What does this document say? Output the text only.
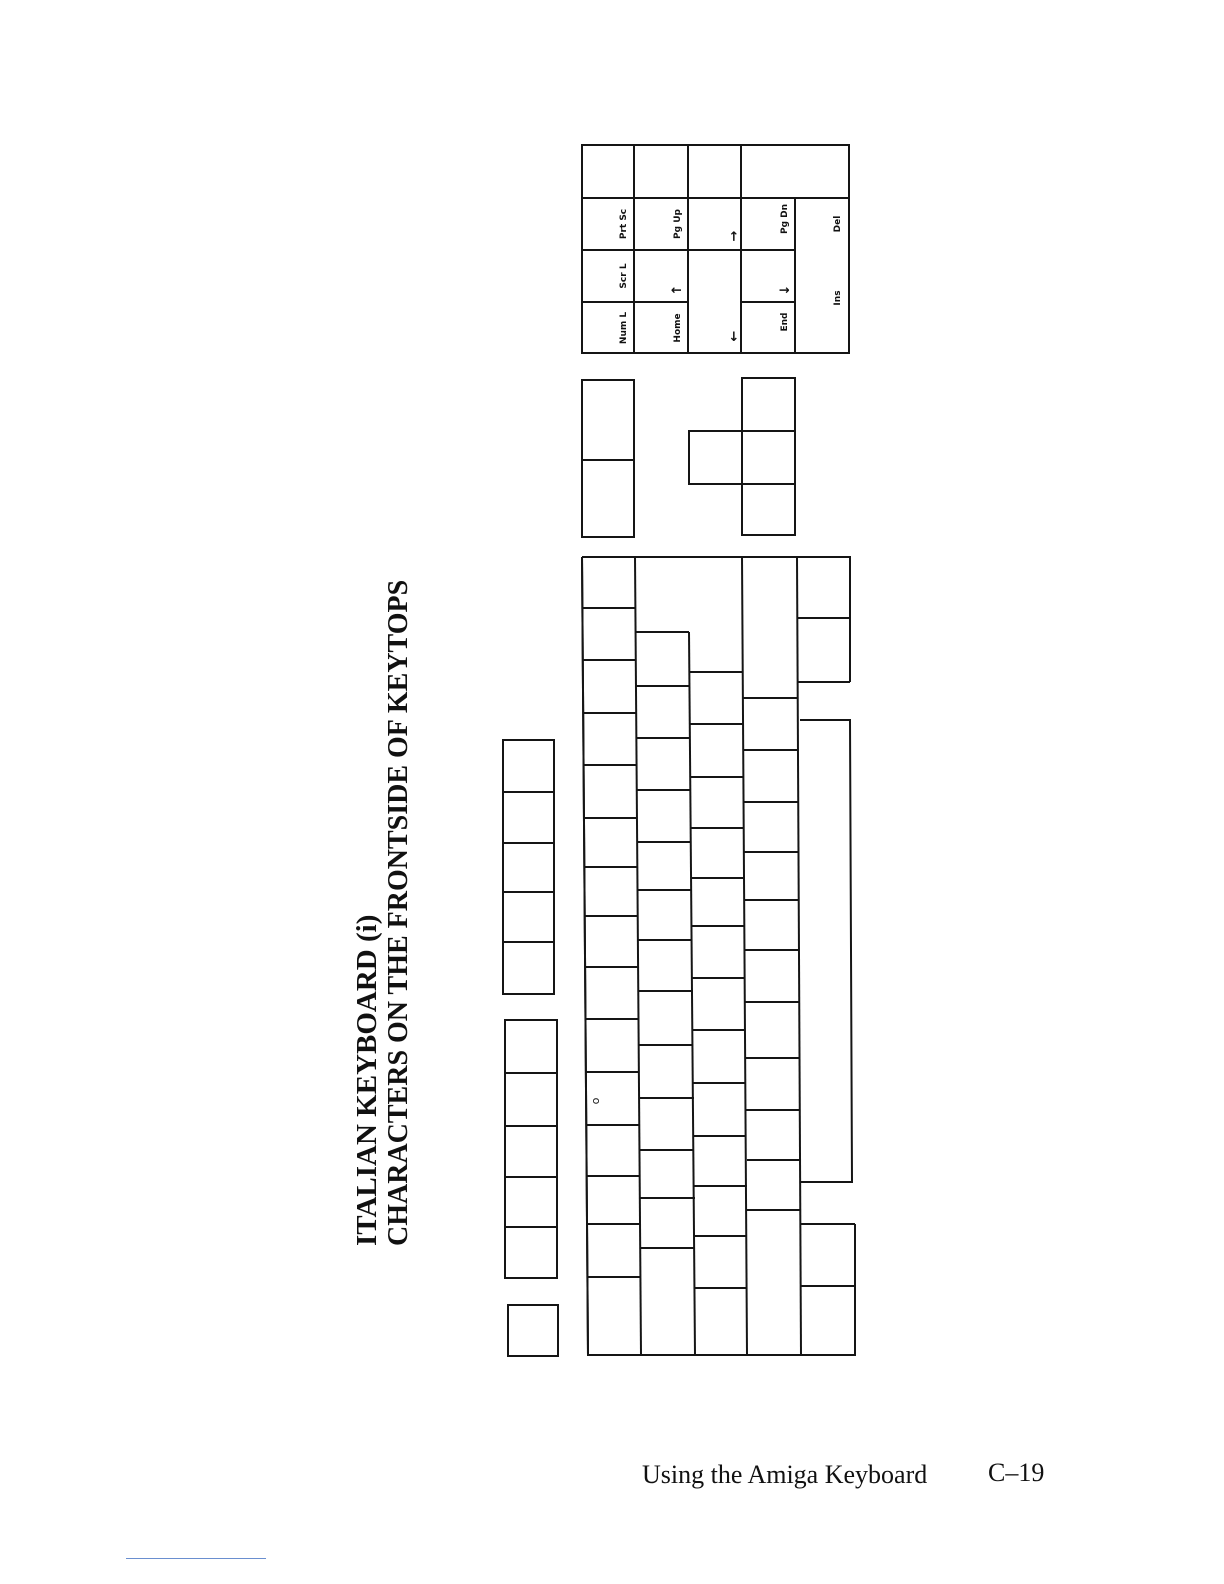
ITALIAN KEYBOARD (i) CHARACTERS ON THE FRONTSIDE OF KEYTOPS
Num L
Scr L
Prt Sc
Home
Pg Up
End
Pg Dn
Ins
Del
↑
←
→
↓
o
Using the Amiga Keyboard C–19
